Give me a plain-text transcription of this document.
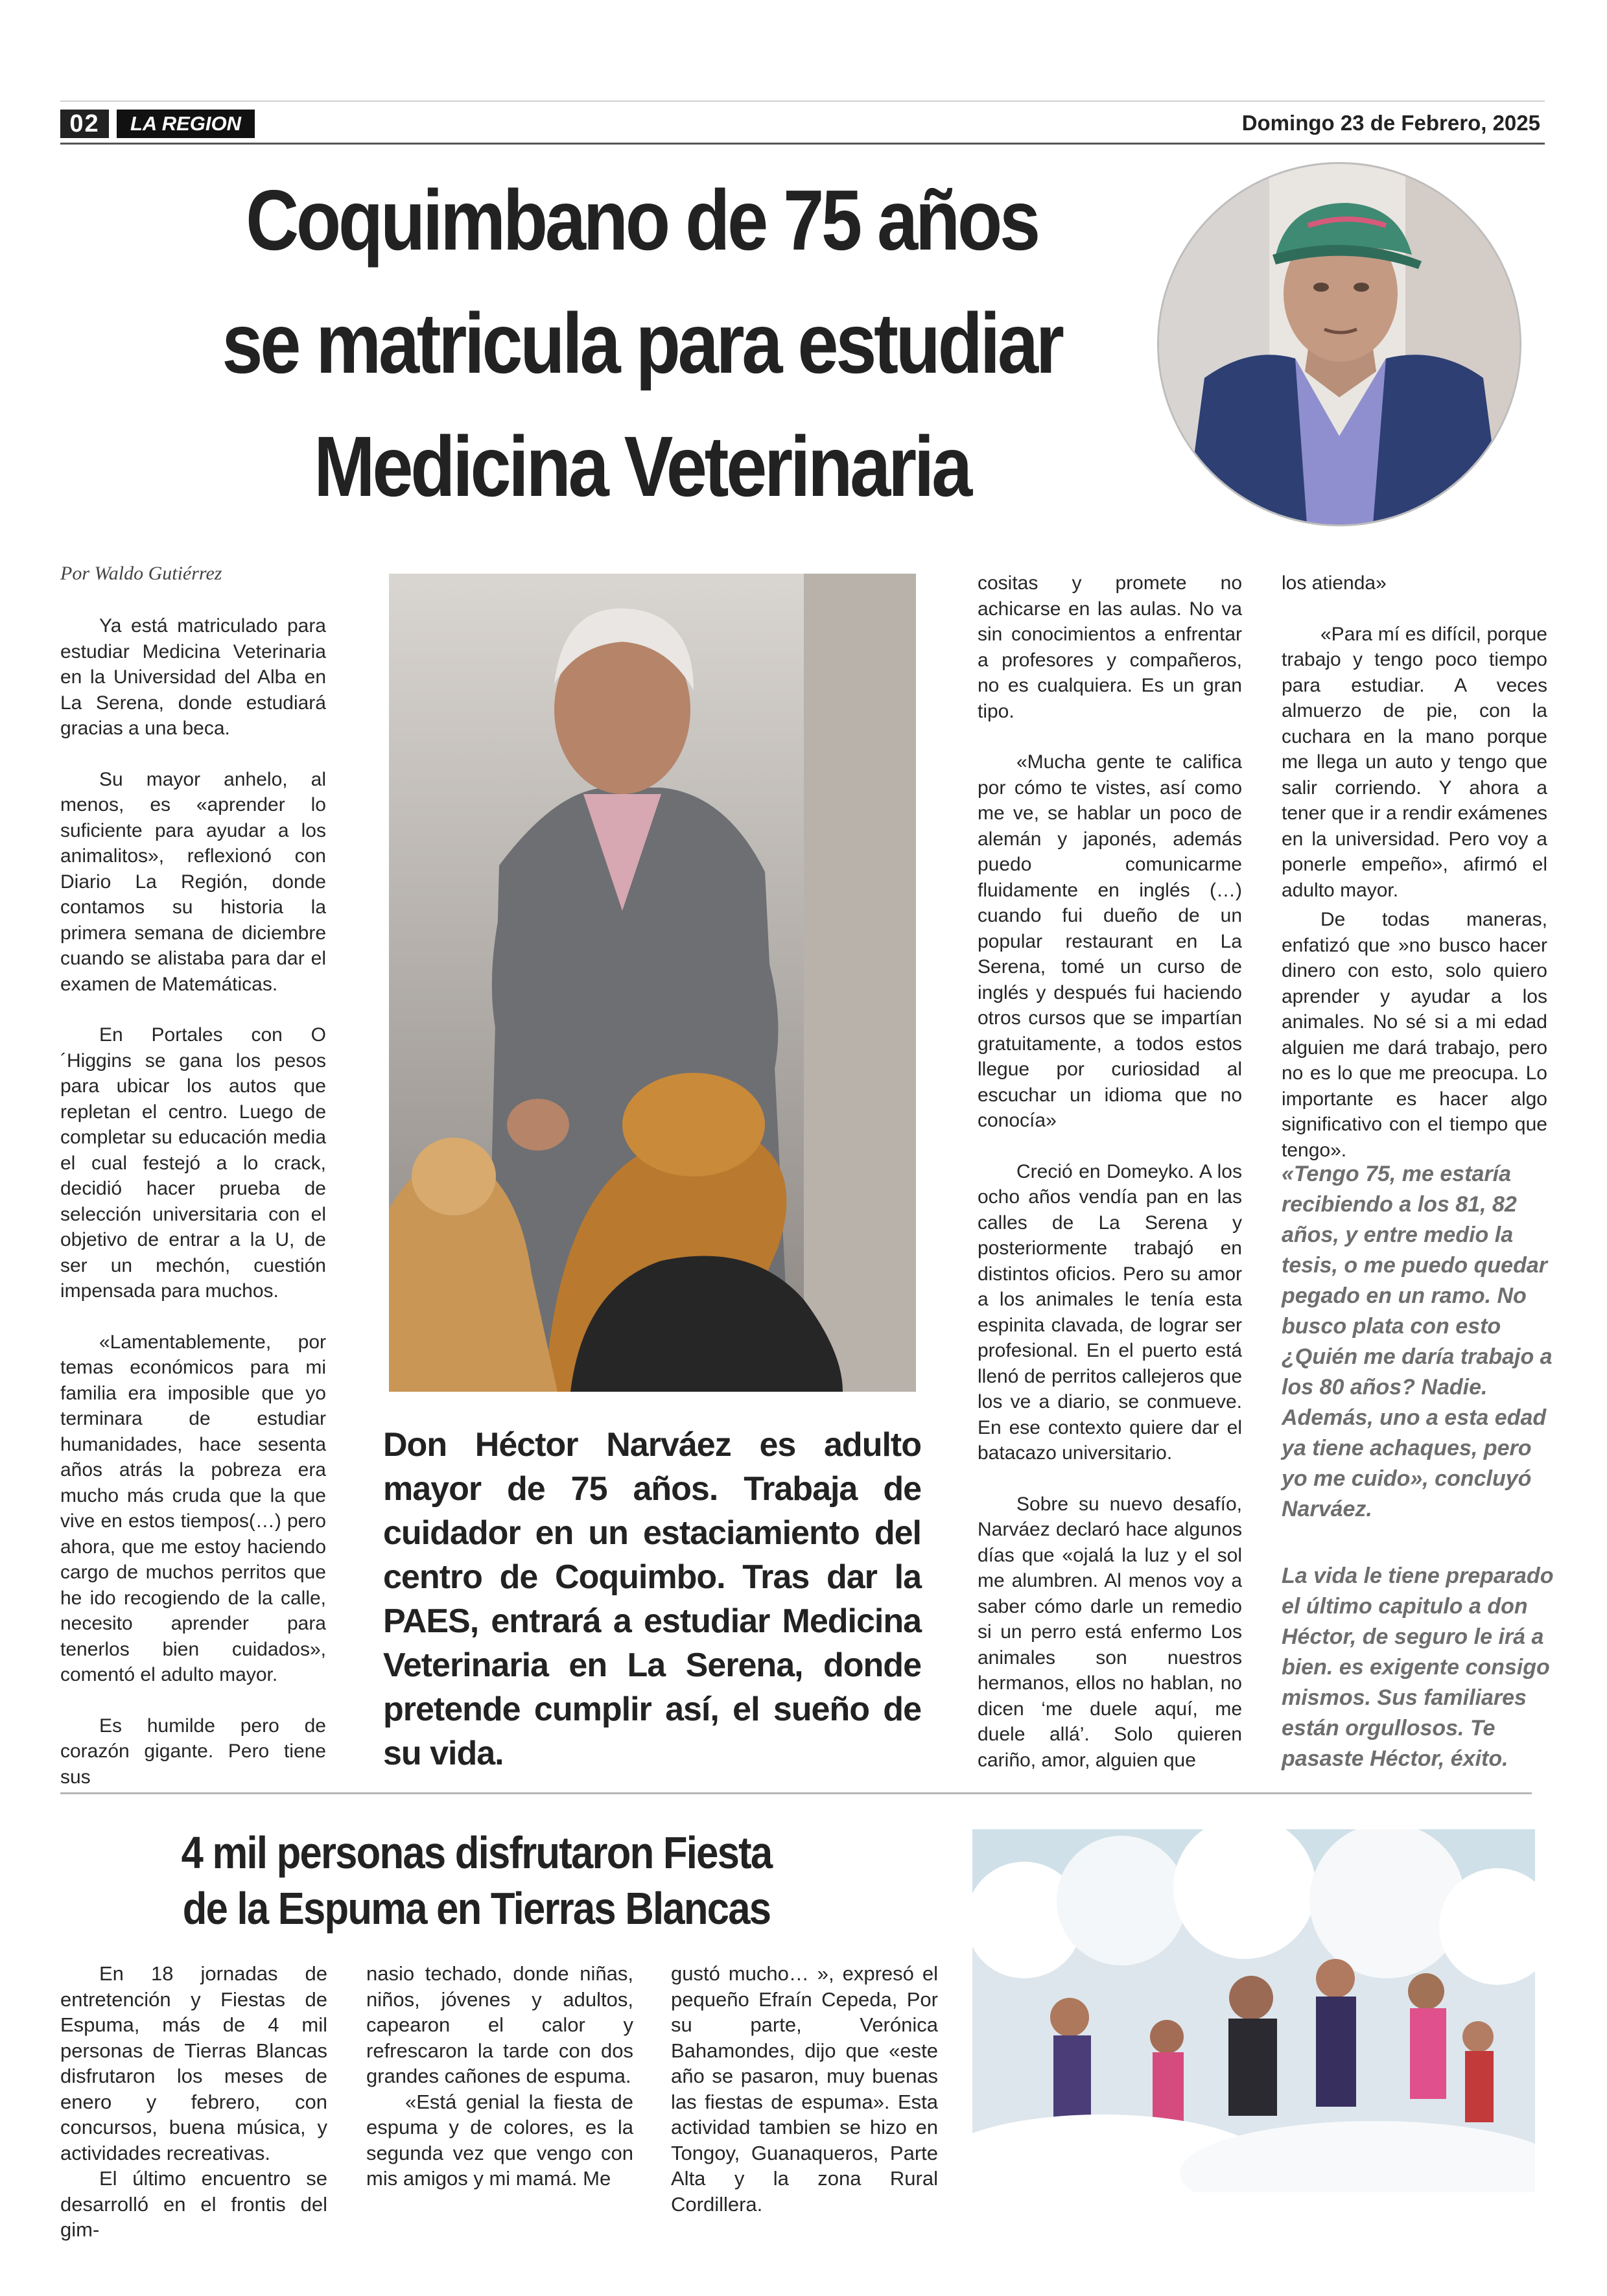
02	LA REGION	Domingo 23 de Febrero, 2025
Coquimbano de 75 años
se matricula para estudiar
Medicina Veterinaria
Por Waldo Gutiérrez

Ya está matriculado para estudiar Medicina Veterinaria en la Universidad del Alba en La Serena, donde estudiará gracias a una beca.

Su mayor anhelo, al menos, es «aprender lo suficiente para ayudar a los animalitos», reflexionó con Diario La Región, donde contamos su historia la primera semana de diciembre cuando se alistaba para dar el examen de Matemáticas.

En Portales con O´Higgins se gana los pesos para ubicar los autos que repletan el centro. Luego de completar su educación media el cual festejó a lo crack, decidió hacer prueba de selección universitaria con el objetivo de entrar a la U, de ser un mechón, cuestión impensada para muchos.

«Lamentablemente, por temas económicos para mi familia era imposible que yo terminara de estudiar humanidades, hace sesenta años atrás la pobreza era mucho más cruda que la que vive en estos tiempos(…) pero ahora, que me estoy haciendo cargo de muchos perritos que he ido recogiendo de la calle, necesito aprender para tenerlos bien cuidados», comentó el adulto mayor.

Es humilde pero de corazón gigante. Pero tiene sus

Don Héctor Narváez es adulto mayor de 75 años. Trabaja de cuidador en un estaciamiento del centro de Coquimbo. Tras dar la PAES, entrará a estudiar Medicina Veterinaria en La Serena, donde pretende cumplir así, el sueño de su vida.

cositas y promete no achicarse en las aulas. No va sin conocimientos a enfrentar a profesores y compañeros, no es cualquiera. Es un gran tipo.

«Mucha gente te califica por cómo te vistes, así como me ve, se hablar un poco de alemán y japonés, además puedo comunicarme fluidamente en inglés (…) cuando fui dueño de un popular restaurant en La Serena, tomé un curso de inglés y después fui haciendo otros cursos que se impartían gratuitamente, a todos estos llegue por curiosidad al escuchar un idioma que no conocía»

Creció en Domeyko. A los ocho años vendía pan en las calles de La Serena y posteriormente trabajó en distintos oficios. Pero su amor a los animales le tenía esta espinita clavada, de lograr ser profesional. En el puerto está llenó de perritos callejeros que los ve a diario, se conmueve. En ese contexto quiere dar el batacazo universitario.

Sobre su nuevo desafío, Narváez declaró hace algunos días que «ojalá la luz y el sol me alumbren. Al menos voy a saber cómo darle un remedio si un perro está enfermo Los animales son nuestros hermanos, ellos no hablan, no dicen ‘me duele aquí, me duele allá’. Solo quieren cariño, amor, alguien que

los atienda»

«Para mí es difícil, porque trabajo y tengo poco tiempo para estudiar. A veces almuerzo de pie, con la cuchara en la mano porque me llega un auto y tengo que salir corriendo. Y ahora a tener que ir a rendir exámenes en la universidad. Pero voy a ponerle empeño», afirmó el adulto mayor.

De todas maneras, enfatizó que »no busco hacer dinero con esto, solo quiero aprender y ayudar a los animales. No sé si a mi edad alguien me dará trabajo, pero no es lo que me preocupa. Lo importante es hacer algo significativo con el tiempo que tengo».

«Tengo 75, me estaría recibiendo a los 81, 82 años, y entre medio la tesis, o me puedo quedar pegado en un ramo. No busco plata con esto ¿Quién me daría trabajo a los 80 años? Nadie. Además, uno a esta edad ya tiene achaques, pero yo me cuido», concluyó Narváez.
La vida le tiene preparado el último capitulo a don Héctor, de seguro le irá a bien. es exigente consigo mismos. Sus familiares están orgullosos. Te pasaste Héctor, éxito.
4 mil personas disfrutaron Fiesta
de la Espuma en Tierras Blancas

En 18 jornadas de entretención y Fiestas de Espuma, más de 4 mil personas de Tierras Blancas disfrutaron los meses de enero y febrero, con concursos, buena música, y actividades recreativas.

El último encuentro se desarrolló en el frontis del gim-

nasio techado, donde niñas, niños, jóvenes y adultos, capearon el calor y refrescaron la tarde con dos grandes cañones de espuma.

«Está genial la fiesta de espuma y de colores, es la segunda vez que vengo con mis amigos y mi mamá. Me

gustó mucho… », expresó el pequeño Efraín Cepeda, Por su parte, Verónica Bahamondes, dijo que «este año se pasaron, muy buenas las fiestas de espuma». Esta actividad tambien se hizo en Tongoy, Guanaqueros, Parte Alta y la zona Rural Cordillera.
